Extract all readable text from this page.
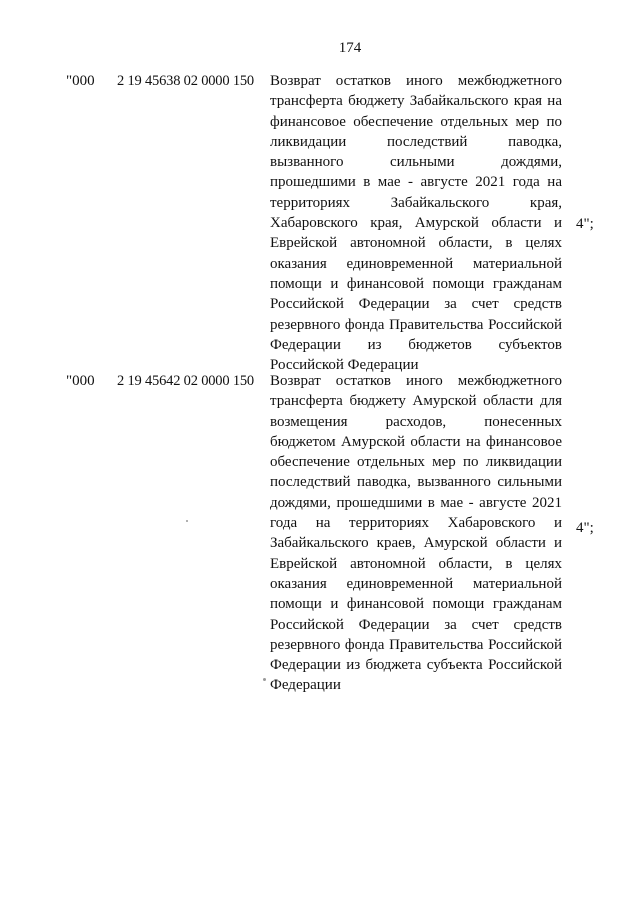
174
"000 2 19 45638 02 0000 150 Возврат остатков иного межбюджетного трансферта бюджету Забайкальского края на финансовое обеспечение отдельных мер по ликвидации последствий паводка, вызванного сильными дождями, прошедшими в мае - августе 2021 года на территориях Забайкальского края, Хабаровского края, Амурской области и Еврейской автономной области, в целях оказания единовременной материальной помощи и финансовой помощи гражданам Российской Федерации за счет средств резервного фонда Правительства Российской Федерации из бюджетов субъектов Российской Федерации
4";
"000 2 19 45642 02 0000 150 Возврат остатков иного межбюджетного трансферта бюджету Амурской области для возмещения расходов, понесенных бюджетом Амурской области на финансовое обеспечение отдельных мер по ликвидации последствий паводка, вызванного сильными дождями, прошедшими в мае - августе 2021 года на территориях Хабаровского и Забайкальского краев, Амурской области и Еврейской автономной области, в целях оказания единовременной материальной помощи и финансовой помощи гражданам Российской Федерации за счет средств резервного фонда Правительства Российской Федерации из бюджета субъекта Российской Федерации
4";
